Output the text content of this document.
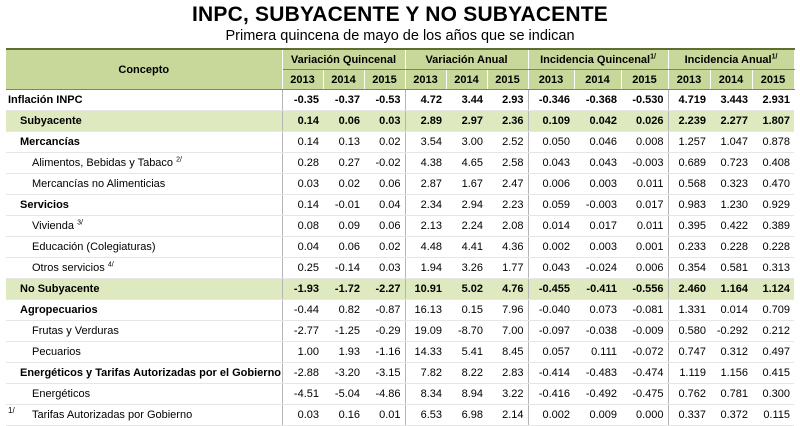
INPC, SUBYACENTE Y NO SUBYACENTE
Primera quincena de mayo de los años que se indican
Concepto	Variación Quincenal			Variación Anual			Incidencia Quincenal$^{1/}$			Incidencia Anual$^{1/}$
	2013	2014	2015	2013	2014	2015	2013	2014	2015	2013	2014	2015
Inflación INPC	-0.35	-0.37	-0.53	4.72	3.44	2.93	-0.346	-0.368	-0.530	4.719	3.443	2.931
Subyacente	0.14	0.06	0.03	2.89	2.97	2.36	0.109	0.042	0.026	2.239	2.277	1.807
Mercancías	0.14	0.13	0.02	3.54	3.00	2.52	0.050	0.046	0.008	1.257	1.047	0.878
Alimentos, Bebidas y Tabaco $^{2/}$	0.28	0.27	-0.02	4.38	4.65	2.58	0.043	0.043	-0.003	0.689	0.723	0.408
Mercancías no Alimenticias	0.03	0.02	0.06	2.87	1.67	2.47	0.006	0.003	0.011	0.568	0.323	0.470
Servicios	0.14	-0.01	0.04	2.34	2.94	2.23	0.059	-0.003	0.017	0.983	1.230	0.929
Vivienda $^{3/}$	0.08	0.09	0.06	2.13	2.24	2.08	0.014	0.017	0.011	0.395	0.422	0.389
Educación (Colegiaturas)	0.04	0.06	0.02	4.48	4.41	4.36	0.002	0.003	0.001	0.233	0.228	0.228
Otros servicios $^{4/}$	0.25	-0.14	0.03	1.94	3.26	1.77	0.043	-0.024	0.006	0.354	0.581	0.313
No Subyacente	-1.93	-1.72	-2.27	10.91	5.02	4.76	-0.455	-0.411	-0.556	2.460	1.164	1.124
Agropecuarios	-0.44	0.82	-0.87	16.13	0.15	7.96	-0.040	0.073	-0.081	1.331	0.014	0.709
Frutas y Verduras	-2.77	-1.25	-0.29	19.09	-8.70	7.00	-0.097	-0.038	-0.009	0.580	-0.292	0.212
Pecuarios	1.00	1.93	-1.16	14.33	5.41	8.45	0.057	0.111	-0.072	0.747	0.312	0.497
Energéticos y Tarifas Autorizadas por el Gobierno	-2.88	-3.20	-3.15	7.82	8.22	2.83	-0.414	-0.483	-0.474	1.119	1.156	0.415
Energéticos	-4.51	-5.04	-4.86	8.34	8.94	3.22	-0.416	-0.492	-0.475	0.762	0.781	0.300
Tarifas Autorizadas por Gobierno	0.03	0.16	0.01	6.53	6.98	2.14	0.002	0.009	0.000	0.337	0.372	0.115
1/
